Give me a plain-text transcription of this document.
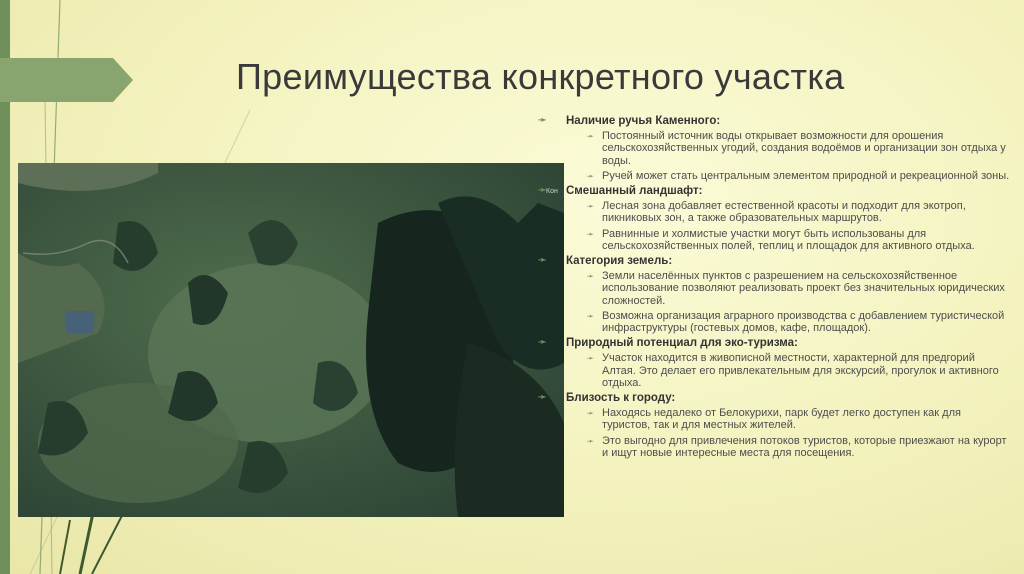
Преимущества конкретного участка
Кон
➛	Наличие ручья Каменного:
➛ Постоянный источник воды открывает возможности для орошения сельскохозяйственных угодий, создания водоёмов и организации зон отдыха у воды.
➛ Ручей может стать центральным элементом природной и рекреационной зоны.
➛	Смешанный ландшафт:
➛ Лесная зона добавляет естественной красоты и подходит для экотроп, пикниковых зон, а также образовательных маршрутов.
➛ Равнинные и холмистые участки могут быть использованы для сельскохозяйственных полей, теплиц и площадок для активного отдыха.
➛	Категория земель:
➛ Земли населённых пунктов с разрешением на сельскохозяйственное использование позволяют реализовать проект без значительных юридических сложностей.
➛ Возможна организация аграрного производства с добавлением туристической инфраструктуры (гостевых домов, кафе, площадок).
➛	Природный потенциал для эко-туризма:
➛ Участок находится в живописной местности, характерной для предгорий Алтая. Это делает его привлекательным для экскурсий, прогулок и активного отдыха.
➛	Близость к городу:
➛ Находясь недалеко от Белокурихи, парк будет легко доступен как для туристов, так и для местных жителей.
➛ Это выгодно для привлечения потоков туристов, которые приезжают на курорт и ищут новые интересные места для посещения.
